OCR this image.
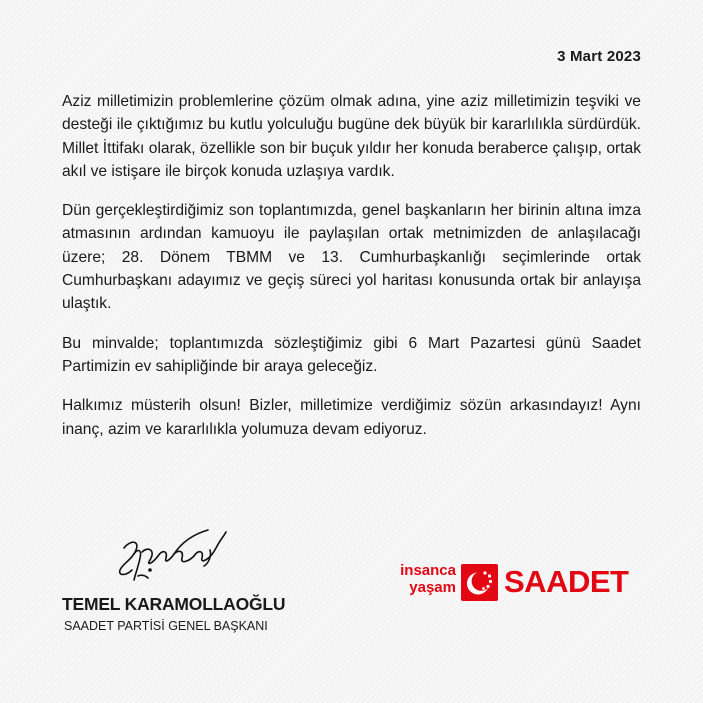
3 Mart 2023

Aziz milletimizin problemlerine çözüm olmak adına, yine aziz milletimizin teşviki ve desteği ile çıktığımız bu kutlu yolculuğu bugüne dek büyük bir kararlılıkla sürdürdük. Millet İttifakı olarak, özellikle son bir buçuk yıldır her konuda beraberce çalışıp, ortak akıl ve istişare ile birçok konuda uzlaşıya vardık.

Dün gerçekleştirdiğimiz son toplantımızda, genel başkanların her birinin altına imza atmasının ardından kamuoyu ile paylaşılan ortak metnimizden de anlaşılacağı üzere; 28. Dönem TBMM ve 13. Cumhurbaşkanlığı seçimlerinde ortak Cumhurbaşkanı adayımız ve geçiş süreci yol haritası konusunda ortak bir anlayışa ulaştık.

Bu minvalde; toplantımızda sözleştiğimiz gibi 6 Mart Pazartesi günü Saadet Partimizin ev sahipliğinde bir araya geleceğiz.

Halkımız müsterih olsun! Bizler, milletimize verdiğimiz sözün arkasındayız! Aynı inanç, azim ve kararlılıkla yolumuza devam ediyoruz.

TEMEL KARAMOLLAOĞLU
SAADET PARTİSİ GENEL BAŞKANI
insanca
yaşam SAADET
